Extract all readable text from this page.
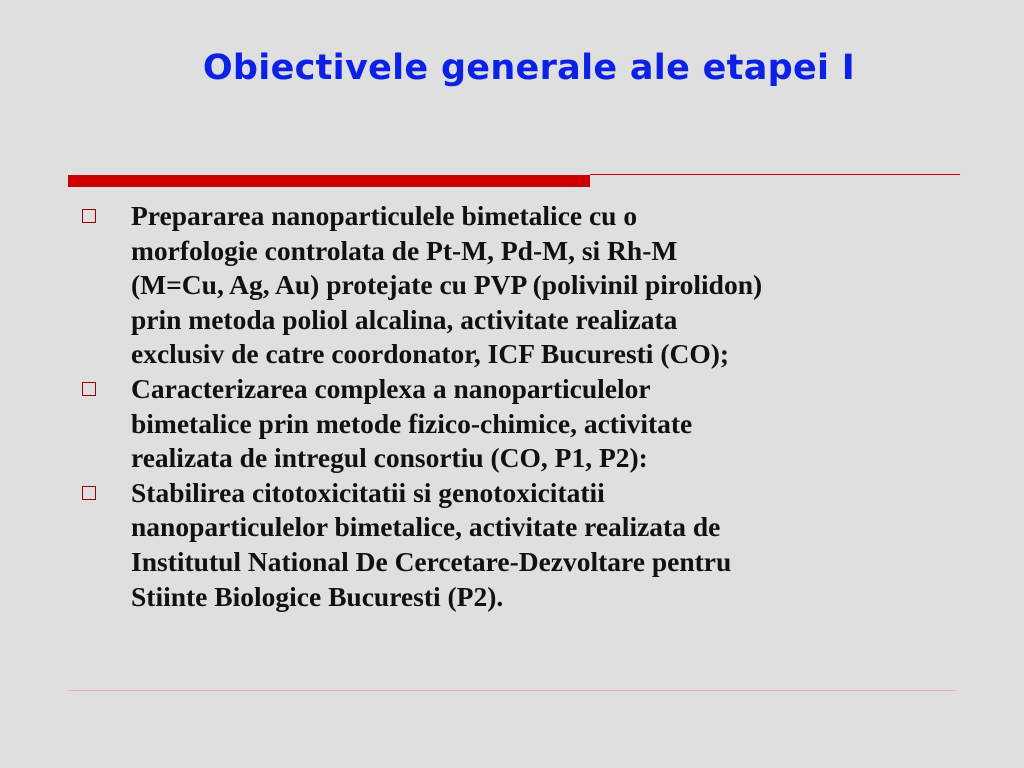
Obiectivele generale ale etapei I
Prepararea nanoparticulele bimetalice cu o
morfologie controlata de Pt-M, Pd-M, si Rh-M
(M=Cu, Ag, Au) protejate cu PVP (polivinil pirolidon)
prin metoda poliol alcalina, activitate realizata
exclusiv de catre coordonator, ICF Bucuresti (CO);
Caracterizarea complexa a nanoparticulelor
bimetalice prin metode fizico-chimice, activitate
realizata de intregul consortiu (CO, P1, P2):
Stabilirea citotoxicitatii si genotoxicitatii
nanoparticulelor bimetalice, activitate realizata de
Institutul National De Cercetare-Dezvoltare pentru
Stiinte Biologice Bucuresti (P2).
